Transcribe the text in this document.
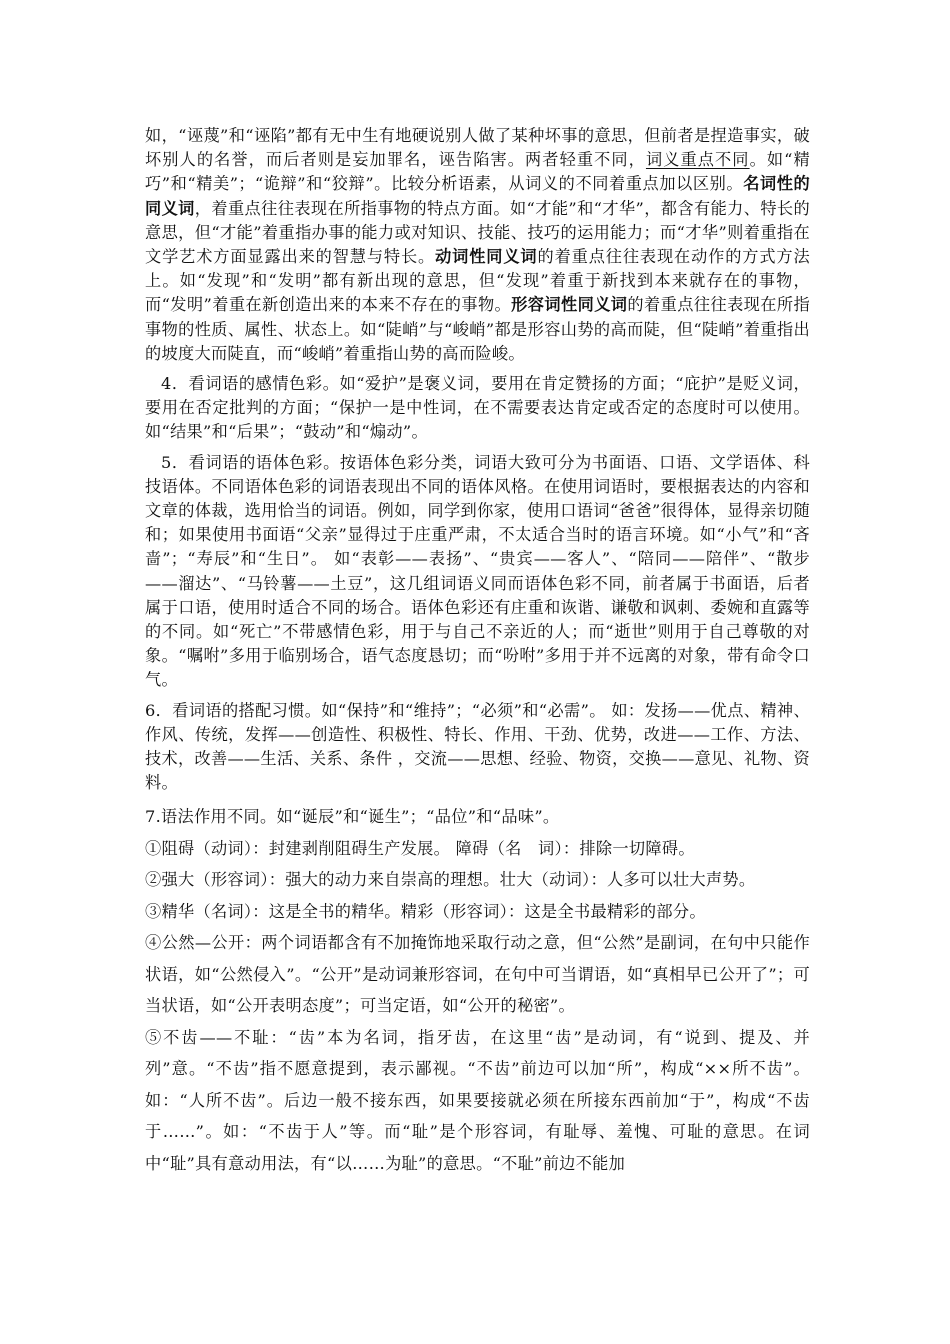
如，“诬蔑”和“诬陷”都有无中生有地硬说别人做了某种坏事的意思，但前者是捏造事实，破坏别人的名誉，而后者则是妄加罪名，诬告陷害。两者轻重不同，词义重点不同。如“精巧”和“精美”；“诡辩”和“狡辩”。比较分析语素，从词义的不同着重点加以区别。名词性的同义词，着重点往往表现在所指事物的特点方面。如“才能”和“才华”，都含有能力、特长的意思，但“才能”着重指办事的能力或对知识、技能、技巧的运用能力；而“才华”则着重指在文学艺术方面显露出来的智慧与特长。动词性同义词的着重点往往表现在动作的方式方法上。如“发现”和“发明”都有新出现的意思，但“发现”着重于新找到本来就存在的事物，而“发明”着重在新创造出来的本来不存在的事物。形容词性同义词的着重点往往表现在所指事物的性质、属性、状态上。如“陡峭”与“峻峭”都是形容山势的高而陡，但“陡峭”着重指出的坡度大而陡直，而“峻峭”着重指山势的高而险峻。

4．看词语的感情色彩。如“爱护”是褒义词，要用在肯定赞扬的方面；“庇护”是贬义词，要用在否定批判的方面；“保护一是中性词，在不需要表达肯定或否定的态度时可以使用。如“结果”和“后果”；“鼓动”和“煽动”。

5．看词语的语体色彩。按语体色彩分类，词语大致可分为书面语、口语、文学语体、科技语体。不同语体色彩的词语表现出不同的语体风格。在使用词语时，要根据表达的内容和文章的体裁，选用恰当的词语。例如，同学到你家，使用口语词“爸爸”很得体，显得亲切随和；如果使用书面语“父亲”显得过于庄重严肃，不太适合当时的语言环境。如“小气”和“吝啬”；“寿辰”和“生日”。 如“表彰——表扬”、“贵宾——客人”、“陪同——陪伴”、“散步——溜达”、“马铃薯——土豆”，这几组词语义同而语体色彩不同，前者属于书面语，后者属于口语，使用时适合不同的场合。语体色彩还有庄重和诙谐、谦敬和讽刺、委婉和直露等的不同。如“死亡”不带感情色彩，用于与自己不亲近的人；而“逝世”则用于自己尊敬的对象。“嘱咐”多用于临别场合，语气态度恳切；而“吩咐”多用于并不远离的对象，带有命令口气。

6．看词语的搭配习惯。如“保持”和“维持”；“必须”和“必需”。 如：发扬——优点、精神、作风、传统，发挥——创造性、积极性、特长、作用、干劲、优势，改进——工作、方法、技术，改善——生活、关系、条件 ，交流——思想、经验、物资，交换——意见、礼物、资料。

7.语法作用不同。如“诞辰”和“诞生”；“品位”和“品味”。

①阻碍（动词）：封建剥削阻碍生产发展。 障碍（名　词）：排除一切障碍。

②强大（形容词）：强大的动力来自崇高的理想。壮大（动词）：人多可以壮大声势。

③精华（名词）：这是全书的精华。精彩（形容词）：这是全书最精彩的部分。

④公然—公开：两个词语都含有不加掩饰地采取行动之意，但“公然”是副词，在句中只能作状语，如“公然侵入”。“公开”是动词兼形容词，在句中可当谓语，如“真相早已公开了”；可当状语，如“公开表明态度”；可当定语，如“公开的秘密”。

⑤不齿——不耻：“齿”本为名词，指牙齿，在这里“齿”是动词，有“说到、提及、并列”意。“不齿”指不愿意提到，表示鄙视。“不齿”前边可以加“所”，构成“××所不齿”。如：“人所不齿”。后边一般不接东西，如果要接就必须在所接东西前加“于”，构成“不齿于……”。如：“不齿于人”等。而“耻”是个形容词，有耻辱、羞愧、可耻的意思。在词中“耻”具有意动用法，有“以……为耻”的意思。“不耻”前边不能加
